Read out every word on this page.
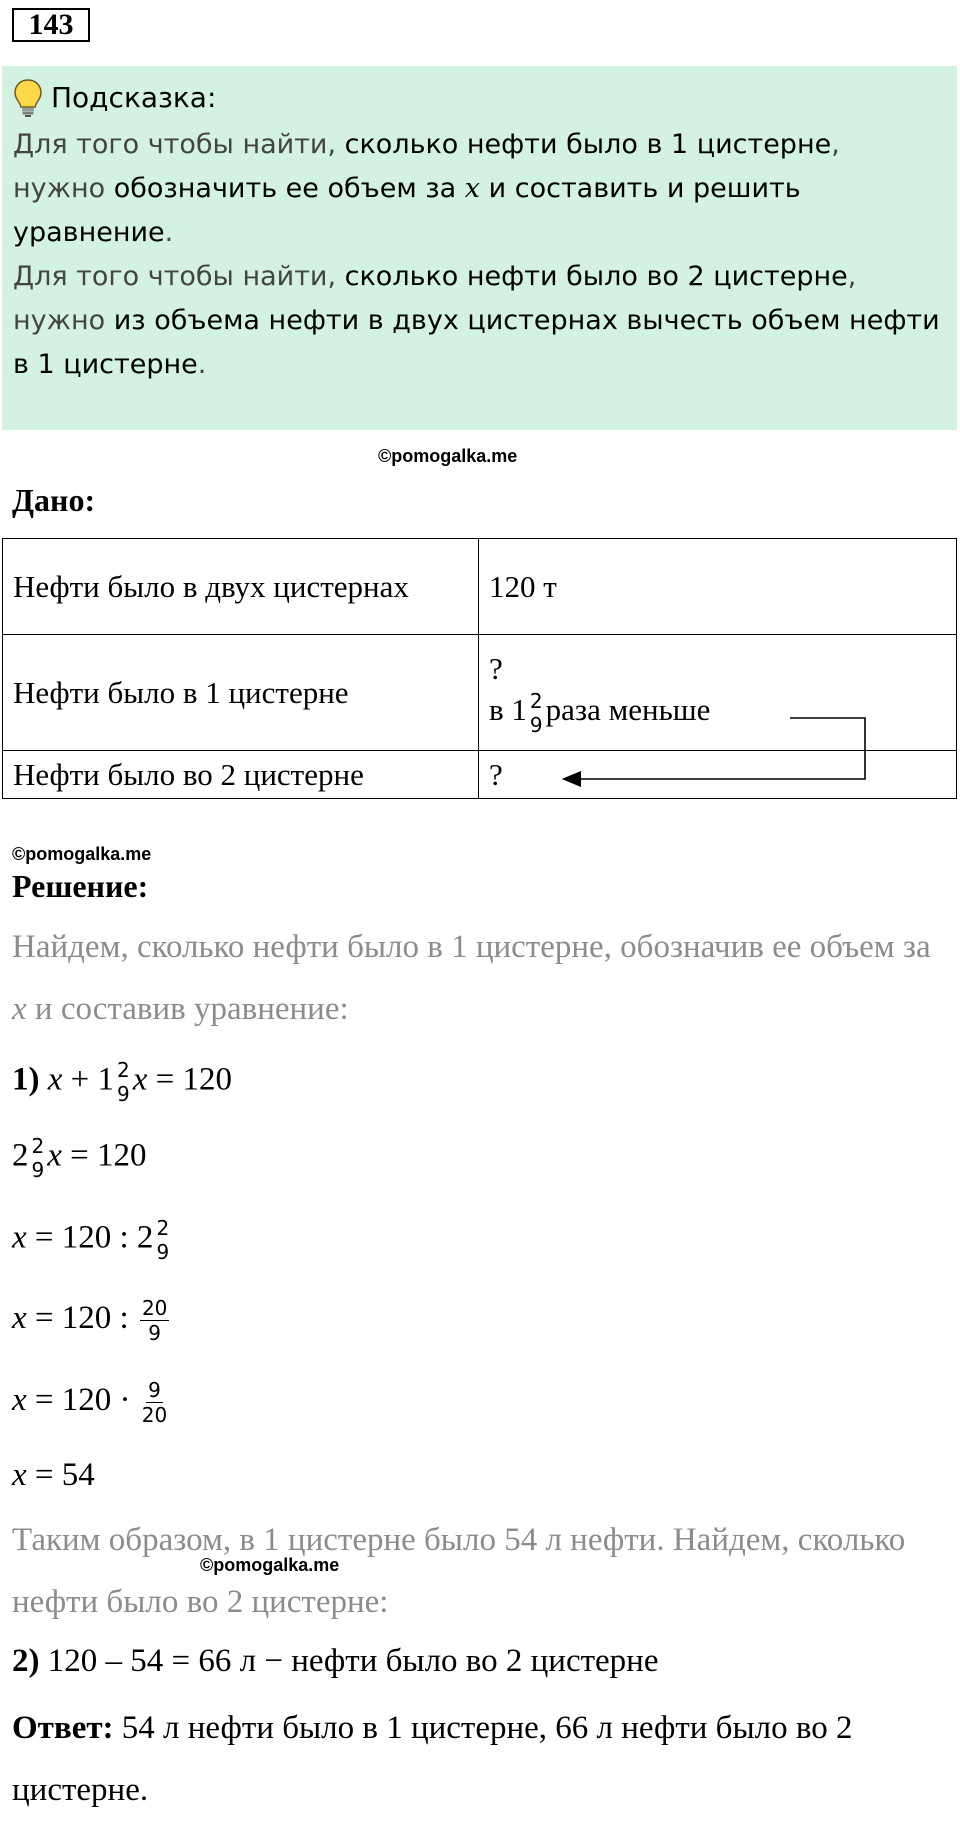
143
Подсказка:
Для того чтобы найти, сколько нефти было в 1 цистерне,
нужно обозначить ее объем за x и составить и решить уравнение.
Для того чтобы найти, сколько нефти было во 2 цистерне,
нужно из объема нефти в двух цистернах вычесть объем нефти в 1 цистерне.
©pomogalka.me
Дано:
Нефти было в двух цистернах	120 т
Нефти было в 1 цистерне	?
в 1 2
9 раза меньше

Нефти было во 2 цистерне	?
©pomogalka.me
Решение:
Найдем, сколько нефти было в 1 цистерне, обозначив ее объем за x и составив уравнение:
1) x + 1 2
9 x = 120
2 2
9 x = 120
x = 120 : 2 2
9
x = 120 : $\frac{20}{9}$
$x = 120 \cdot \frac{9}{20}$
x = 54
Таким образом, в 1 цистерне было 54 л нефти. Найдем, сколько нефти было во 2 цистерне:
©pomogalka.me
2) 120 – 54 = 66 л − нефти было во 2 цистерне
Ответ: 54 л нефти было в 1 цистерне, 66 л нефти было во 2 цистерне.
